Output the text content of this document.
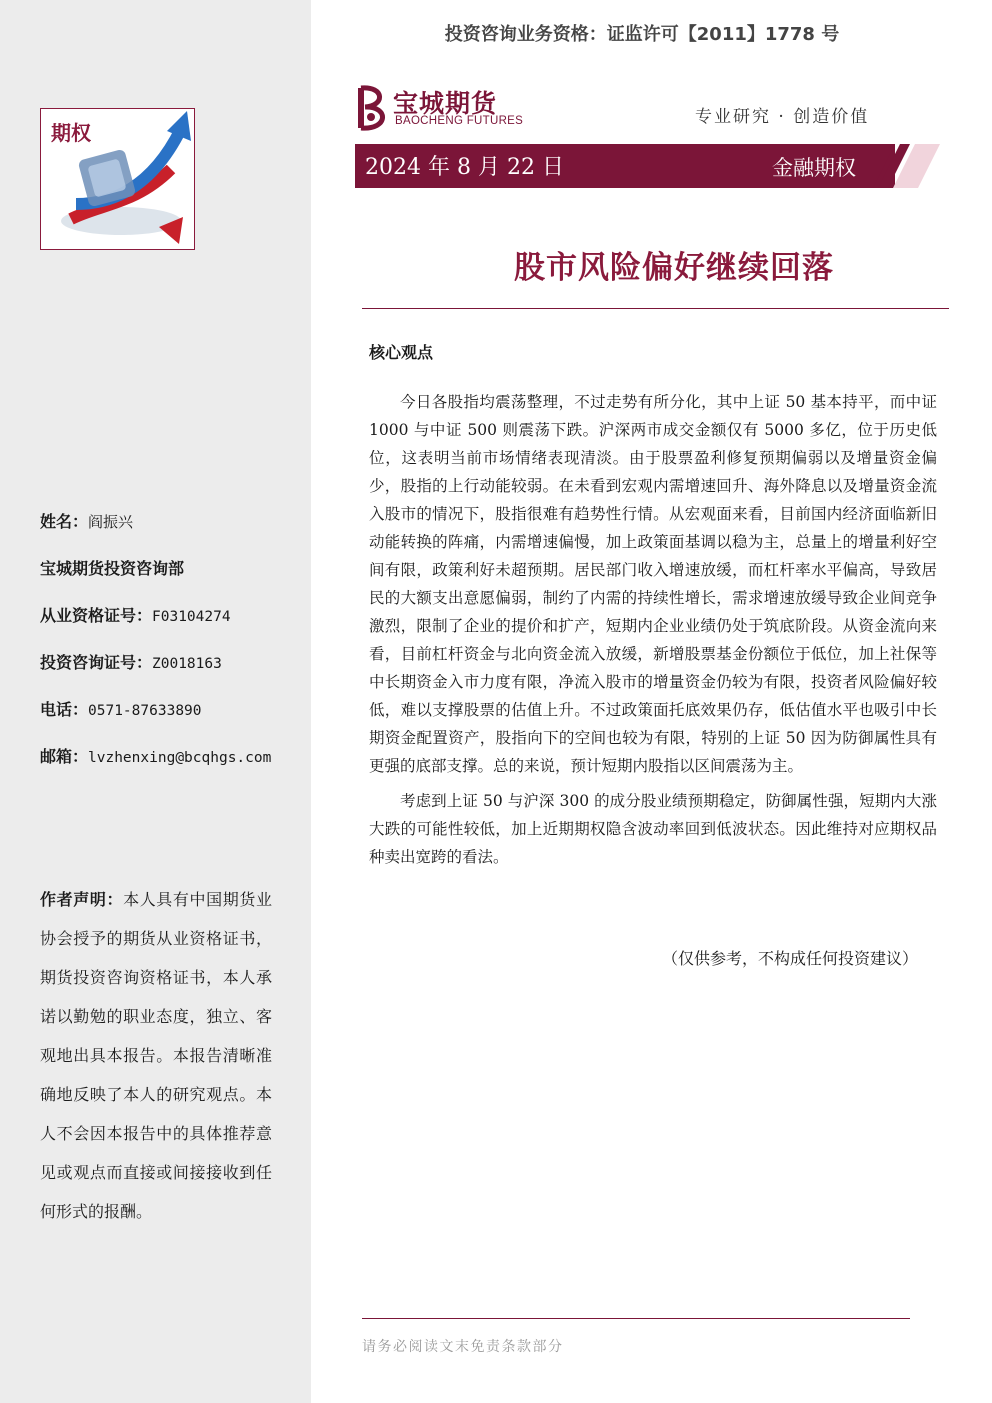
期权
姓名：阎振兴
宝城期货投资咨询部
从业资格证号：F03104274
投资咨询证号：Z0018163
电话：0571-87633890
邮箱：lvzhenxing@bcqhgs.com
作者声明：本人具有中国期货业协会授予的期货从业资格证书，期货投资咨询资格证书，本人承诺以勤勉的职业态度，独立、客观地出具本报告。本报告清晰准确地反映了本人的研究观点。本人不会因本报告中的具体推荐意见或观点而直接或间接接收到任何形式的报酬。
投资咨询业务资格：证监许可【2011】1778 号
宝城期货
BAOCHENG FUTURES	专业研究 · 创造价值
2024 年 8 月 22 日	金融期权
股市风险偏好继续回落
核心观点

今日各股指均震荡整理，不过走势有所分化，其中上证 50 基本持平，而中证 1000 与中证 500 则震荡下跌。沪深两市成交金额仅有 5000 多亿，位于历史低位，这表明当前市场情绪表现清淡。由于股票盈利修复预期偏弱以及增量资金偏少，股指的上行动能较弱。在未看到宏观内需增速回升、海外降息以及增量资金流入股市的情况下，股指很难有趋势性行情。从宏观面来看，目前国内经济面临新旧动能转换的阵痛，内需增速偏慢，加上政策面基调以稳为主，总量上的增量利好空间有限，政策利好未超预期。居民部门收入增速放缓，而杠杆率水平偏高，导致居民的大额支出意愿偏弱，制约了内需的持续性增长，需求增速放缓导致企业间竞争激烈，限制了企业的提价和扩产，短期内企业业绩仍处于筑底阶段。从资金流向来看，目前杠杆资金与北向资金流入放缓，新增股票基金份额位于低位，加上社保等中长期资金入市力度有限，净流入股市的增量资金仍较为有限，投资者风险偏好较低，难以支撑股票的估值上升。不过政策面托底效果仍存，低估值水平也吸引中长期资金配置资产，股指向下的空间也较为有限，特别的上证 50 因为防御属性具有更强的底部支撑。总的来说，预计短期内股指以区间震荡为主。

考虑到上证 50 与沪深 300 的成分股业绩预期稳定，防御属性强，短期内大涨大跌的可能性较低，加上近期期权隐含波动率回到低波状态。因此维持对应期权品种卖出宽跨的看法。

（仅供参考，不构成任何投资建议）
请务必阅读文末免责条款部分
